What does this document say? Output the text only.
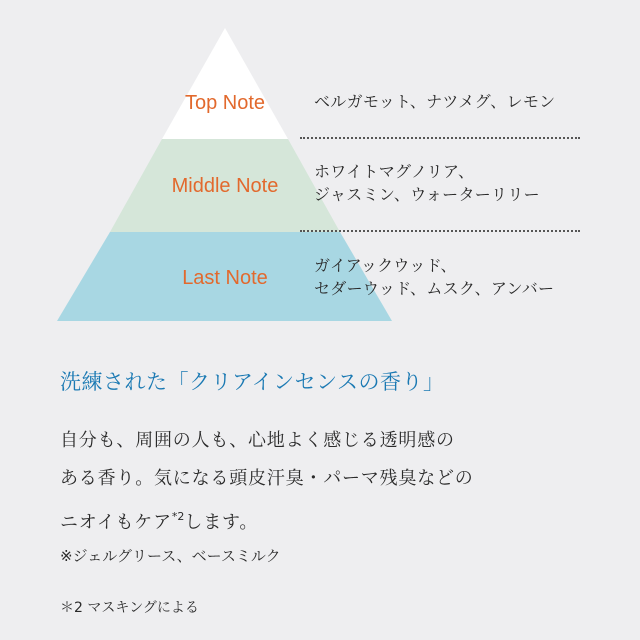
Top Note
Middle Note
Last Note
ベルガモット、ナツメグ、レモン
ホワイトマグノリア、
ジャスミン、ウォーターリリー
ガイアックウッド、
セダーウッド、ムスク、アンバー
洗練された「クリアインセンスの香り」
自分も、周囲の人も、心地よく感じる透明感の
ある香り。気になる頭皮汗臭・パーマ残臭などの
ニオイもケア$^{*2}$します。
※ジェルグリース、ベースミルク
＊2 マスキングによる
